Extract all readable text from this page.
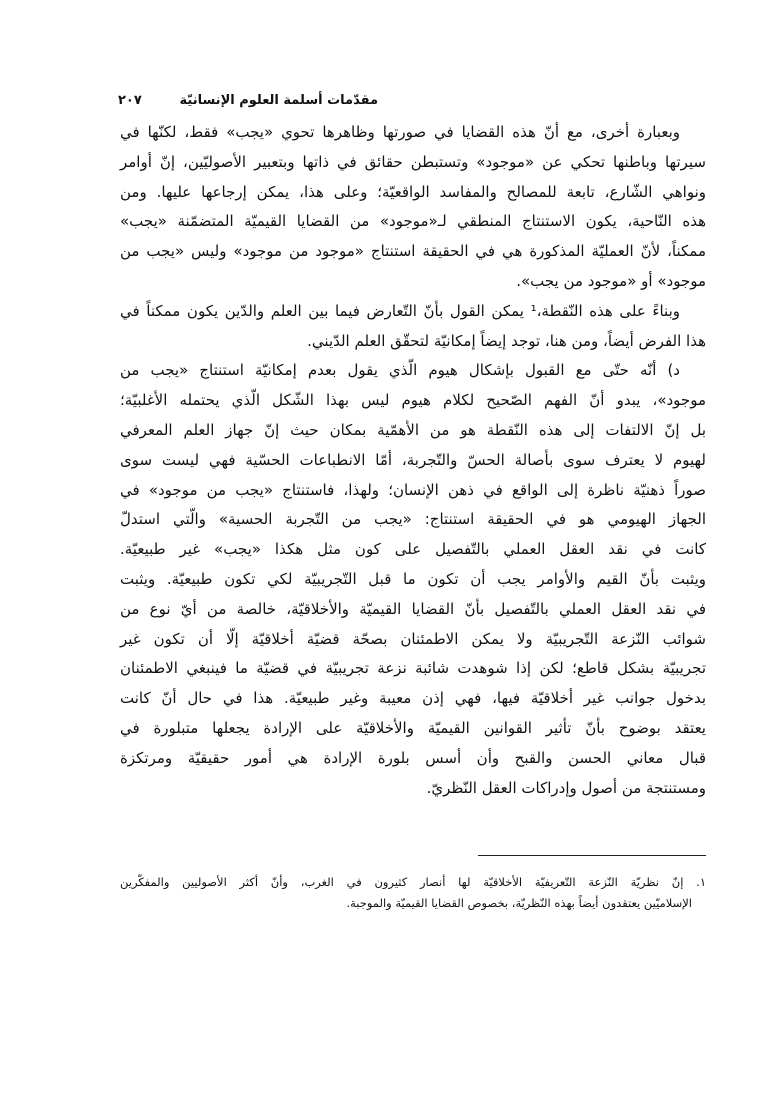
مقدّمات أسلمة العلوم الإنسانيّة
۲۰۷
وبعبارة أخرى، مع أنّ هذه القضايا في صورتها وظاهرها تحوي «يجب» فقط، لكنّها في
سيرتها وباطنها تحكي عن «موجود» وتستبطن حقائق في ذاتها وبتعبير الأصوليّين، إنّ أوامر
ونواهي الشّارع، تابعة للمصالح والمفاسد الواقعيّة؛ وعلى هذا، يمكن إرجاعها عليها. ومن
هذه النّاحية، يكون الاستنتاج المنطقي لـ«موجود» من القضايا القيميّة المتضمّنة «يجب»
ممكناً، لأنّ العمليّة المذكورة هي في الحقيقة استنتاج «موجود من موجود» وليس «يجب من
موجود» أو «موجود من يجب».
وبناءً على هذه النّقطة،¹ يمكن القول بأنّ التّعارض فيما بين العلم والدّين يكون ممكناً في
هذا الفرض أيضاً، ومن هنا، توجد إيضاً إمكانيّة لتحقّق العلم الدّيني.
د) أنّه حتّى مع القبول بإشكال هيوم الّذي يقول بعدم إمكانيّة استنتاج «يجب من
موجود»، يبدو أنّ الفهم الصّحيح لكلام هيوم ليس بهذا الشّكل الّذي يحتمله الأغلبيّة؛
بل إنّ الالتفات إلى هذه النّقطة هو من الأهمّية بمكان حيث إنّ جهاز العلم المعرفي
لهيوم لا يعترف سوى بأصالة الحسّ والتّجربة، أمّا الانطباعات الحسّية فهي ليست سوى
صوراً ذهنيّة ناظرة إلى الواقع في ذهن الإنسان؛ ولهذا، فاستنتاج «يجب من موجود» في
الجهاز الهيومي هو في الحقيقة استنتاج: «يجب من التّجربة الحسية» والّتي استدلّ
كانت في نقد العقل العملي بالتّفصيل على كون مثل هكذا «يجب» غير طبيعيّة.
ويثبت بأنّ القيم والأوامر يجب أن تكون ما قبل التّجريبيّة لكي تكون طبيعيّة. ويثبت
في نقد العقل العملي بالتّفصيل بأنّ القضايا القيميّة والأخلاقيّة، خالصة من أيّ نوع من
شوائب النّزعة التّجريبيّة ولا يمكن الاطمئنان بصحّة قضيّة أخلاقيّة إلّا أن تكون غير
تجريبيّة بشكل قاطع؛ لكن إذا شوهدت شائبة نزعة تجريبيّة في قضيّة ما فينبغي الاطمئنان
بدخول جوانب غير أخلاقيّة فيها، فهي إذن معيبة وغير طبيعيّة. هذا في حال أنّ كانت
يعتقد بوضوح بأنّ تأثير القوانين القيميّة والأخلاقيّة على الإرادة يجعلها متبلورة في
قبال معاني الحسن والقبح وأن أسس بلورة الإرادة هي أمور حقيقيّة ومرتكزة
ومستنتجة من أصول وإدراكات العقل النّظريّ.
١. إنّ نظريّة النّزعة التّعريفيّة الأخلاقيّة لها أنصار كثيرون في الغرب، وأنّ أكثر الأصوليين والمفكّرين
الإسلاميّين يعتقدون أيضاً بهذه النّظريّة، بخصوص القضايا القيميّة والموجبة.
